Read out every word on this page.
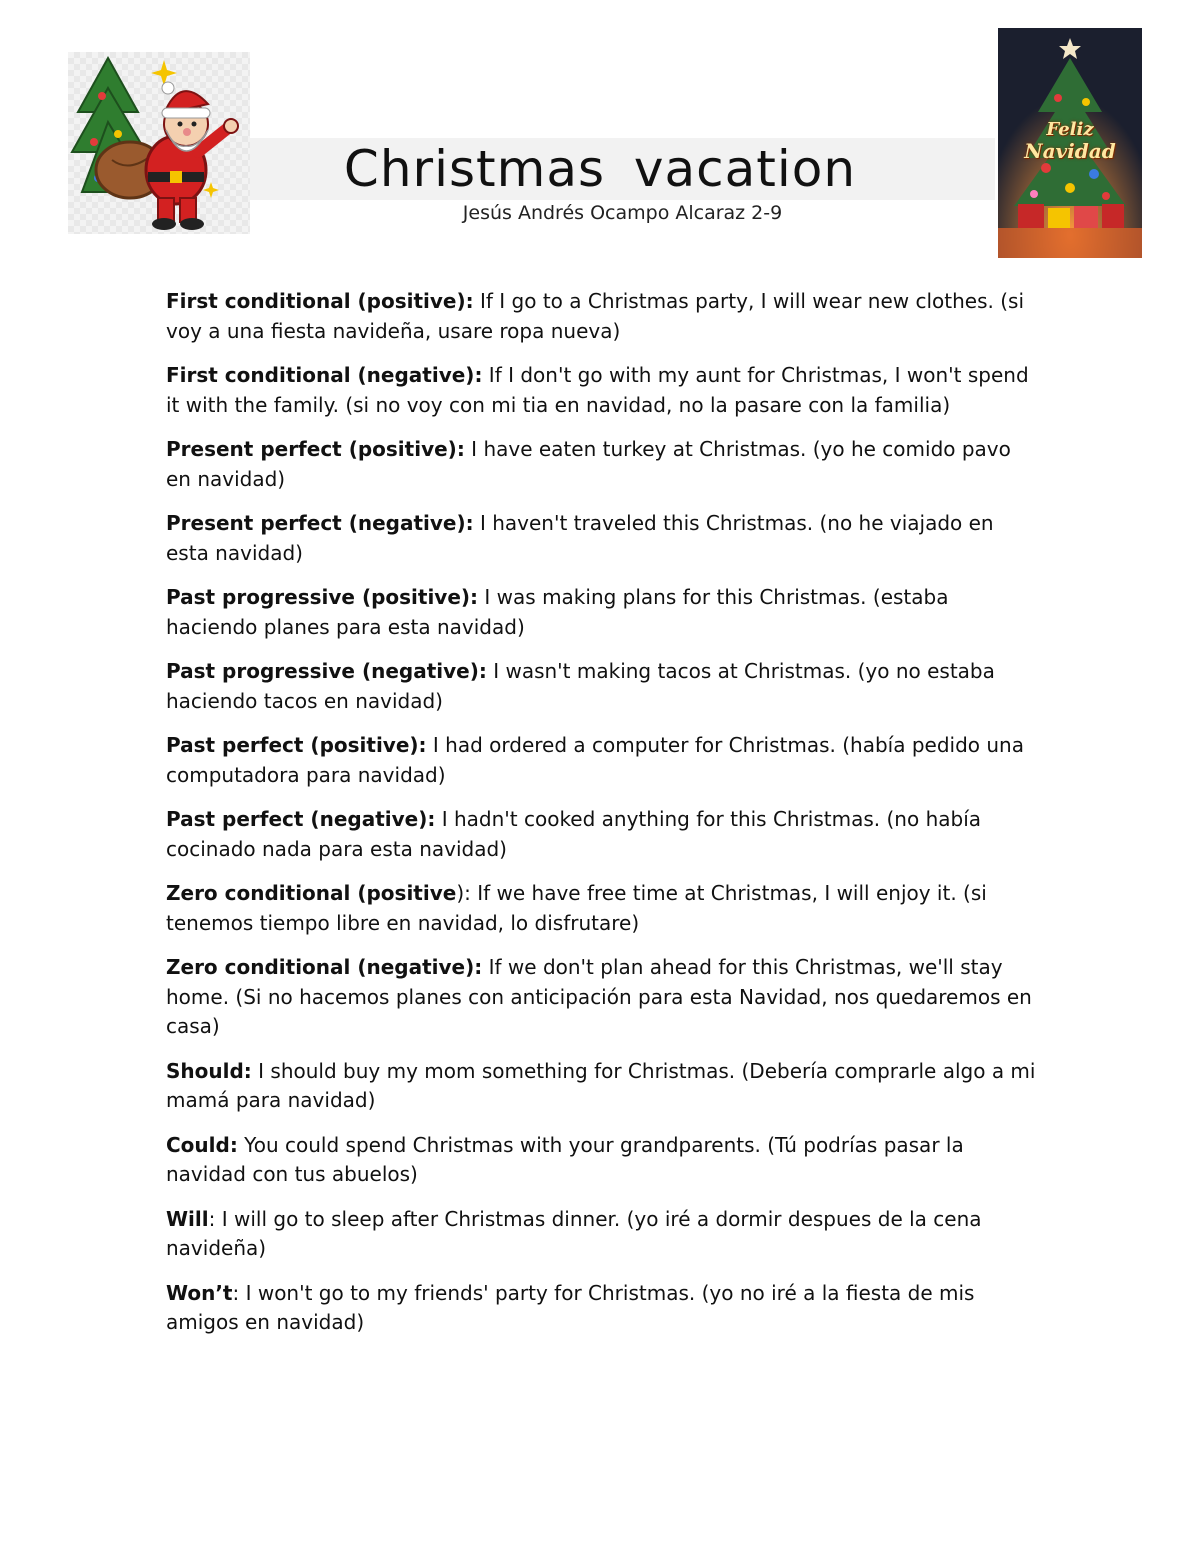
Christmas vacation
Jesús Andrés Ocampo Alcaraz 2-9
Feliz
Navidad

First conditional (positive): If I go to a Christmas party, I will wear new clothes. (si voy a una fiesta navideña, usare ropa nueva)

First conditional (negative): If I don't go with my aunt for Christmas, I won't spend it with the family. (si no voy con mi tia en navidad, no la pasare con la familia)

Present perfect (positive): I have eaten turkey at Christmas. (yo he comido pavo en navidad)

Present perfect (negative): I haven't traveled this Christmas. (no he viajado en esta navidad)

Past progressive (positive): I was making plans for this Christmas. (estaba haciendo planes para esta navidad)

Past progressive (negative): I wasn't making tacos at Christmas. (yo no estaba haciendo tacos en navidad)

Past perfect (positive): I had ordered a computer for Christmas. (había pedido una computadora para navidad)

Past perfect (negative): I hadn't cooked anything for this Christmas. (no había cocinado nada para esta navidad)

Zero conditional (positive): If we have free time at Christmas, I will enjoy it. (si tenemos tiempo libre en navidad, lo disfrutare)

Zero conditional (negative): If we don't plan ahead for this Christmas, we'll stay home. (Si no hacemos planes con anticipación para esta Navidad, nos quedaremos en casa)

Should: I should buy my mom something for Christmas. (Debería comprarle algo a mi mamá para navidad)

Could: You could spend Christmas with your grandparents. (Tú podrías pasar la navidad con tus abuelos)

Will: I will go to sleep after Christmas dinner. (yo iré a dormir despues de la cena navideña)

Won’t: I won't go to my friends' party for Christmas. (yo no iré a la fiesta de mis amigos en navidad)
